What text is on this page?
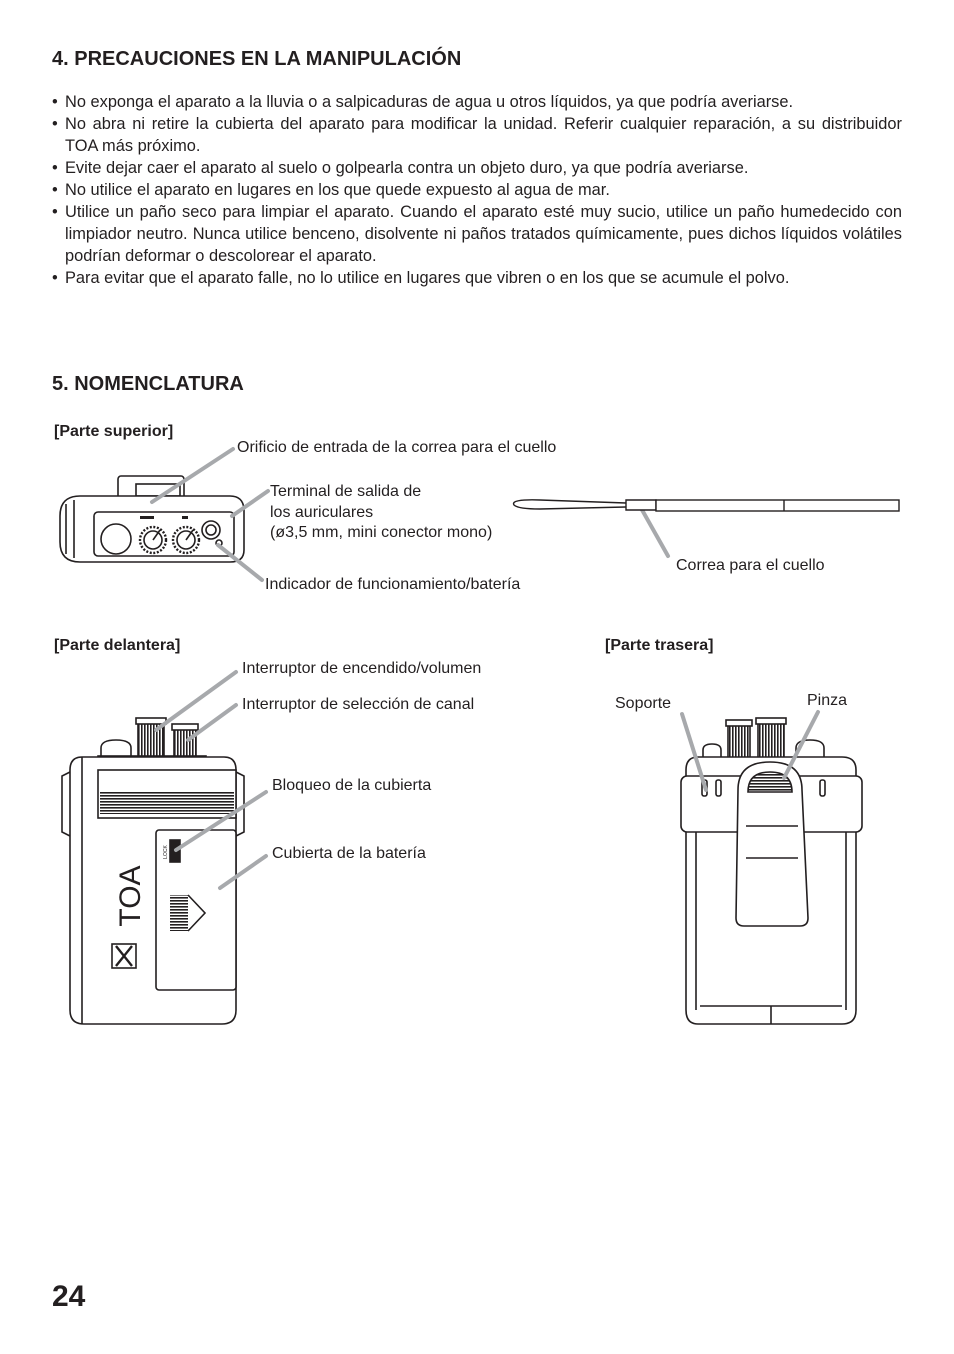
4. PRECAUCIONES EN LA MANIPULACIÓN
• No exponga el aparato a la lluvia o a salpicaduras de agua u otros líquidos, ya que podría averiarse.
• No abra ni retire la cubierta del aparato para modificar la unidad. Referir cualquier reparación, a su distribuidor TOA más próximo.
• Evite dejar caer el aparato al suelo o golpearla contra un objeto duro, ya que podría averiarse.
• No utilice el aparato en lugares en los que quede expuesto al agua de mar.
• Utilice un paño seco para limpiar el aparato. Cuando el aparato esté muy sucio, utilice un paño humedecido con limpiador neutro. Nunca utilice benceno, disolvente ni paños tratados químicamente, pues dichos líquidos volátiles podrían deformar o descolorear el aparato.
• Para evitar que el aparato falle, no lo utilice en lugares que vibren o en los que se acumule el polvo.
5. NOMENCLATURA
[Parte superior]
[Parte delantera]	[Parte trasera]
Orificio de entrada de la correa para el cuello
Terminal de salida de
los auriculares
(ø3,5 mm, mini conector mono)
Indicador de funcionamiento/batería
Correa para el cuello
Interruptor de encendido/volumen
Interruptor de selección de canal
Bloqueo de la cubierta
Cubierta de la batería
Soporte	Pinza
TOA
LOCK
24
